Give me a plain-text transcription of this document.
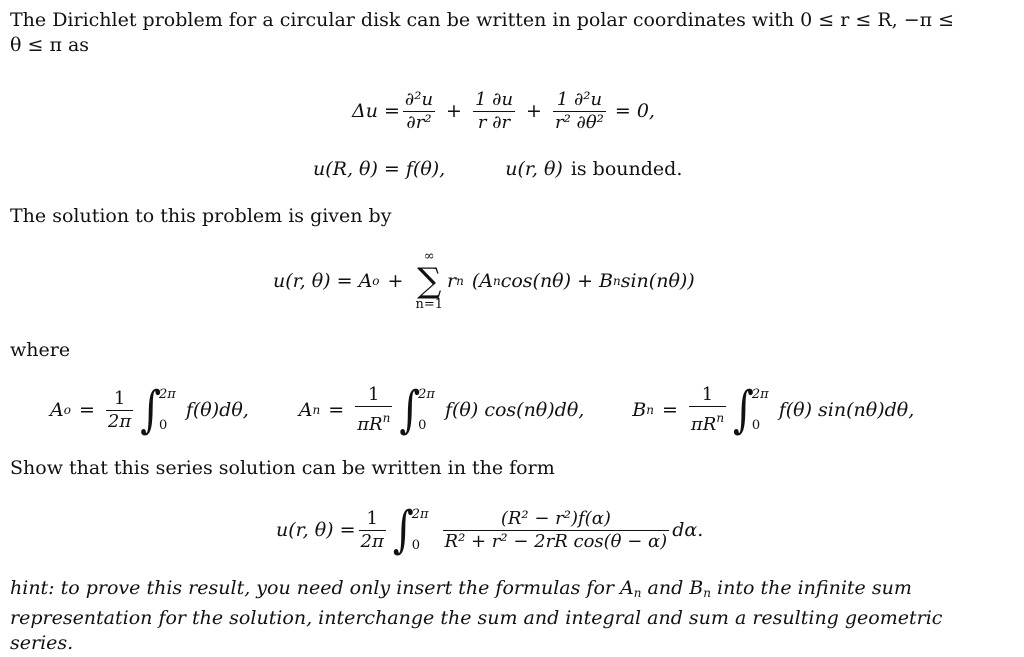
The Dirichlet problem for a circular disk can be written in polar coordinates with 0 ≤ r ≤ R, −π ≤
θ ≤ π as
$\Delta u = \frac{\text{∂²u}}{\text{∂r²}} + \frac{1 \partial u}{r \partial r} + \frac{\text{1 ∂²u}}{\text{r² ∂θ²}} = 0$,
u(R, θ) = f(θ),	u(r, θ) is bounded.
The solution to this problem is given by
u(r, θ) = A o +
∞
∑
n=1
r n (A n cos(nθ) + B n sin(nθ))
where
A $o = \frac{1}{2\pi}$ ∫
2π
0
f(θ)dθ,	A $n = \frac{1}{\pi R^n}$ ∫
2π
0
f(θ) cos(nθ)dθ,	B $n = \frac{1}{\pi R^n}$ ∫
2π
0
f(θ) sin(nθ)dθ,
Show that this series solution can be written in the form
u(r, $\theta) = \frac{1}{2\pi}$ ∫
2π
0	$\frac{\text{(R² − r²)f(α)}}{\text{R² + r² − 2rR cos(θ − α)}} d\alpha$.
hint: to prove this result, you need only insert the formulas for $A_n$ and $B_n$ into the infinite sum
representation for the solution, interchange the sum and integral and sum a resulting geometric series.
